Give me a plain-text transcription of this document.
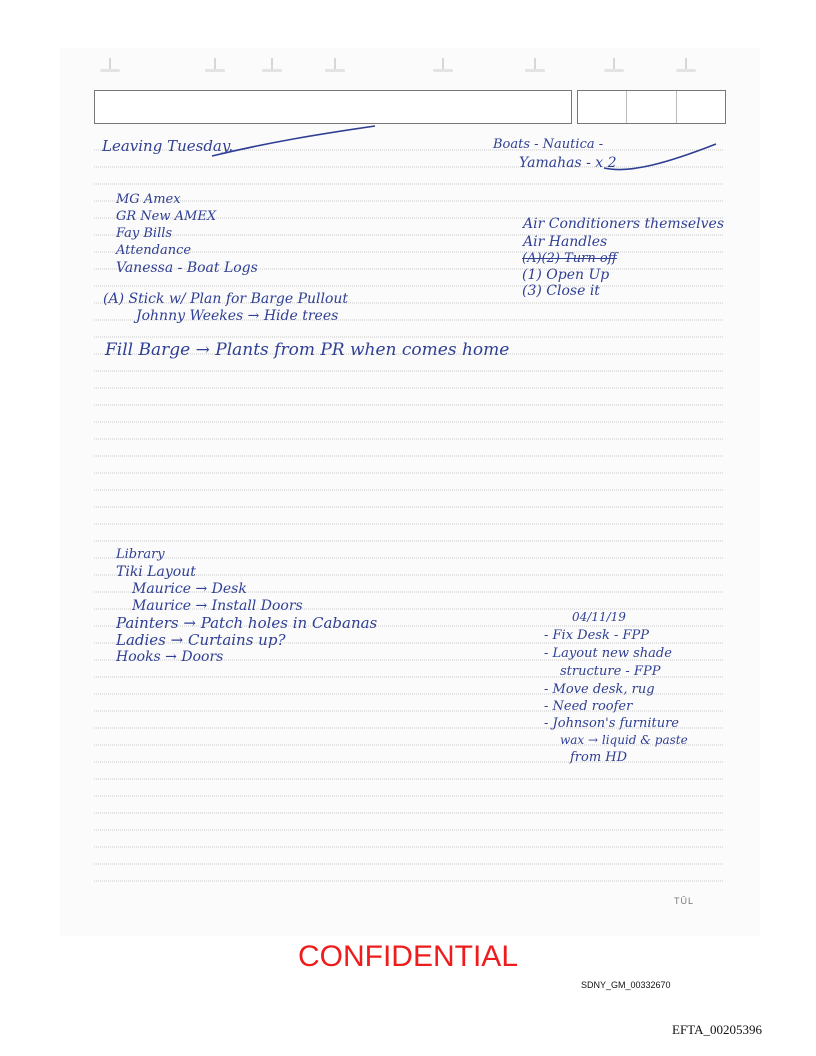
Leaving Tuesday.
MG Amex
GR New AMEX
Fay Bills
Attendance
Vanessa - Boat Logs
(A) Stick w/ Plan for Barge Pullout
Johnny Weekes → Hide trees
Fill Barge → Plants from PR when comes home
Boats - Nautica -
Yamahas - x 2
Air Conditioners themselves
Air Handles
(A)(2) Turn off
(1) Open Up
(3) Close it
Library
Tiki Layout
Maurice → Desk
Maurice → Install Doors
Painters → Patch holes in Cabanas
Ladies → Curtains up?
Hooks → Doors
04/11/19
- Fix Desk - FPP
- Layout new shade
structure - FPP
- Move desk, rug
- Need roofer
- Johnson's furniture
wax → liquid & paste
from HD
TŪL
CONFIDENTIAL
SDNY_GM_00332670
EFTA_00205396
